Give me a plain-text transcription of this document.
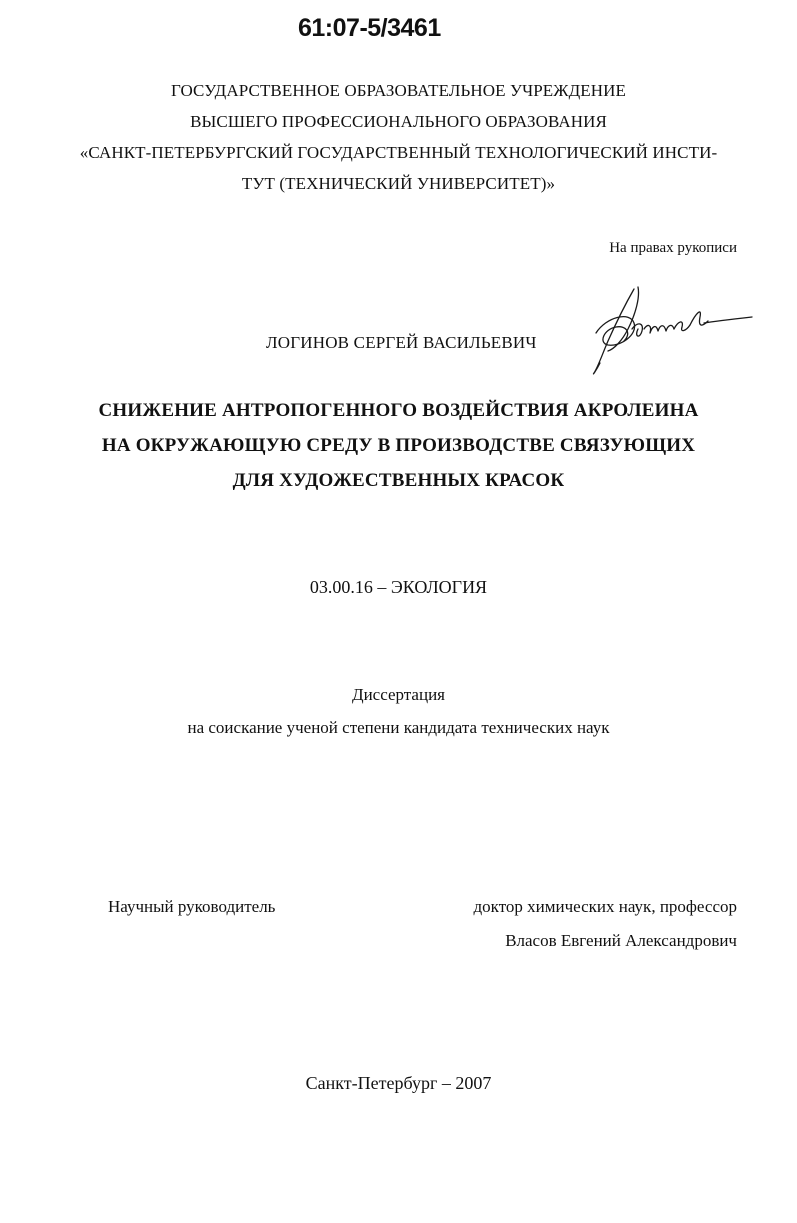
61:07-5/3461
ГОСУДАРСТВЕННОЕ ОБРАЗОВАТЕЛЬНОЕ УЧРЕЖДЕНИЕ
ВЫСШЕГО ПРОФЕССИОНАЛЬНОГО ОБРАЗОВАНИЯ
«САНКТ-ПЕТЕРБУРГСКИЙ ГОСУДАРСТВЕННЫЙ ТЕХНОЛОГИЧЕСКИЙ ИНСТИ-
ТУТ (ТЕХНИЧЕСКИЙ УНИВЕРСИТЕТ)»
На правах рукописи
ЛОГИНОВ СЕРГЕЙ ВАСИЛЬЕВИЧ
СНИЖЕНИЕ АНТРОПОГЕННОГО ВОЗДЕЙСТВИЯ АКРОЛЕИНА
НА ОКРУЖАЮЩУЮ СРЕДУ В ПРОИЗВОДСТВЕ СВЯЗУЮЩИХ
ДЛЯ ХУДОЖЕСТВЕННЫХ КРАСОК
03.00.16 – ЭКОЛОГИЯ
Диссертация
на соискание ученой степени кандидата технических наук
Научный руководитель	доктор химических наук, профессор
Власов Евгений Александрович
Санкт-Петербург – 2007
